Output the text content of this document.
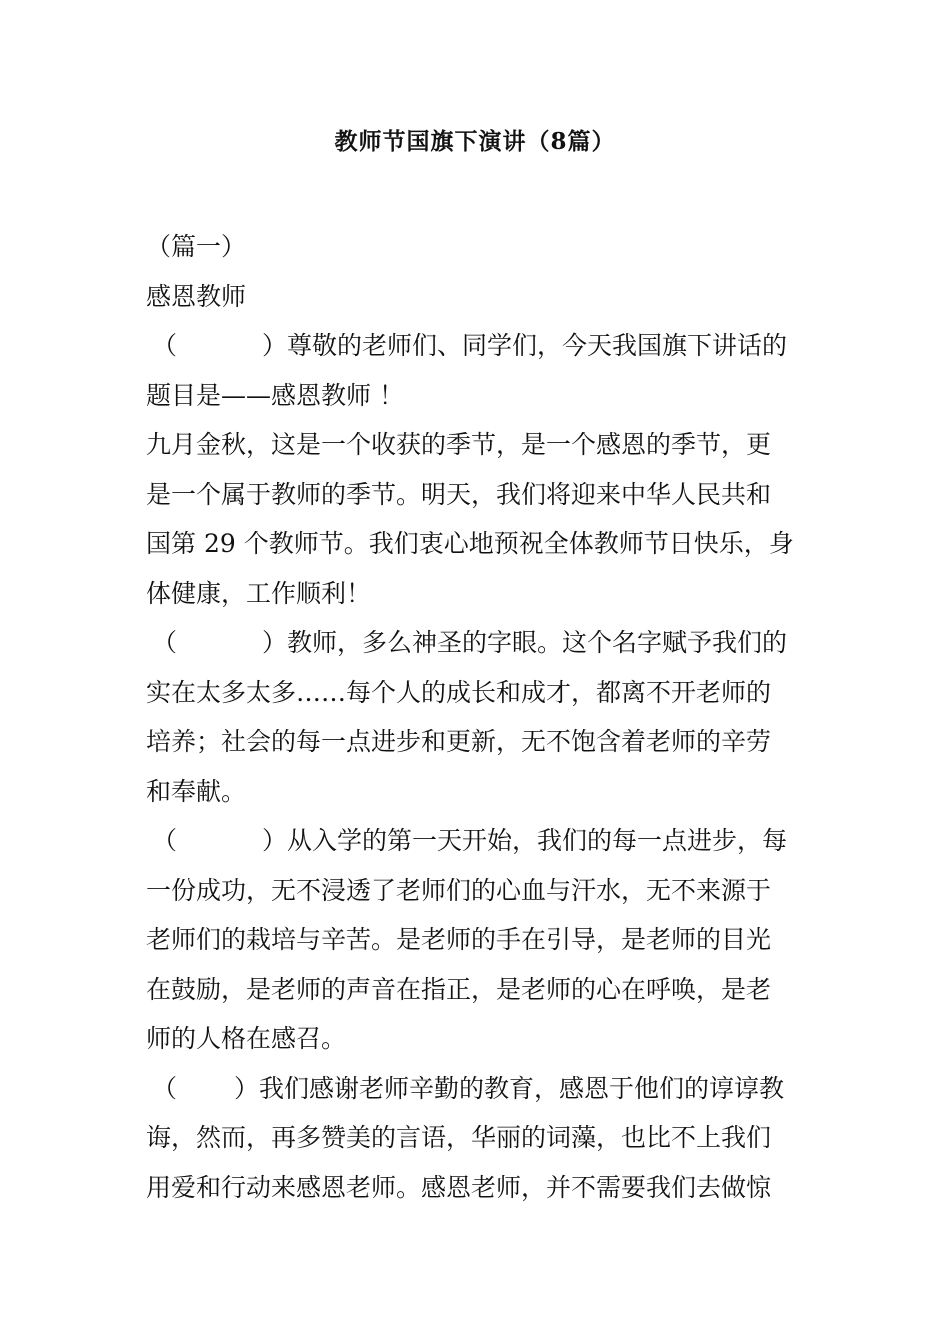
教师节国旗下演讲（8篇）
（篇一）
感恩教师
（	）尊敬的老师们、同学们，今天我国旗下讲话的
题目是——感恩教师 ！
九月金秋，这是一个收获的季节，是一个感恩的季节，更
是一个属于教师的季节。明天，我们将迎来中华人民共和
国第 29 个教师节。我们衷心地预祝全体教师节日快乐，身
体健康，工作顺利！
（	）教师，多么神圣的字眼。这个名字赋予我们的
实在太多太多……每个人的成长和成才，都离不开老师的
培养；社会的每一点进步和更新，无不饱含着老师的辛劳
和奉献。
（	）从入学的第一天开始，我们的每一点进步，每
一份成功，无不浸透了老师们的心血与汗水，无不来源于
老师们的栽培与辛苦。是老师的手在引导，是老师的目光
在鼓励，是老师的声音在指正，是老师的心在呼唤，是老
师的人格在感召。
（ ）我们感谢老师辛勤的教育，感恩于他们的谆谆教
诲，然而，再多赞美的言语，华丽的词藻，也比不上我们
用爱和行动来感恩老师。感恩老师，并不需要我们去做惊
